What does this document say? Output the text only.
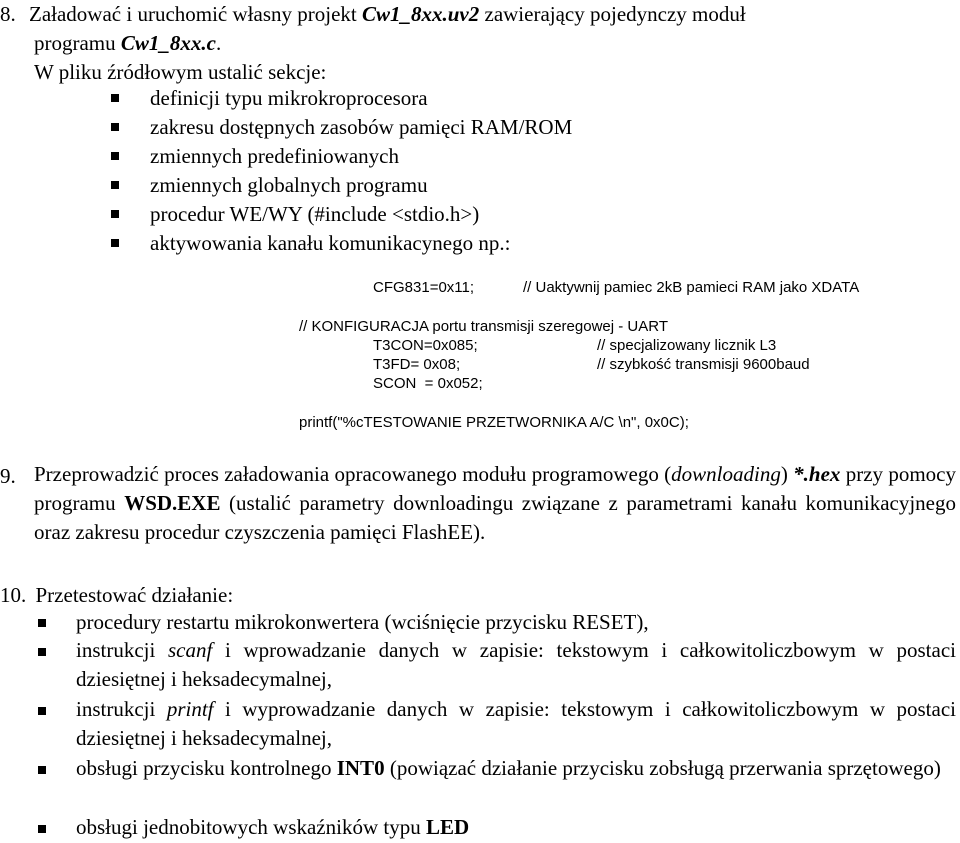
8. Załadować i uruchomić własny projekt Cw1_8xx.uv2 zawierający pojedynczy moduł
programu Cw1_8xx.c.
W pliku źródłowym ustalić sekcje:
definicji typu mikrokroprocesora
zakresu dostępnych zasobów pamięci RAM/ROM
zmiennych predefiniowanych
zmiennych globalnych programu
procedur WE/WY (#include <stdio.h>)
aktywowania kanału komunikacynego np.:
CFG831=0x11;	// Uaktywnij pamiec 2kB pamieci RAM jako XDATA
// KONFIGURACJA portu transmisji szeregowej - UART
T3CON=0x085;	// specjalizowany licznik L3
T3FD= 0x08;	// szybkość transmisji 9600baud
SCON  = 0x052;
printf("%cTESTOWANIE PRZETWORNIKA A/C \n", 0x0C);
9. Przeprowadzić proces załadowania opracowanego modułu programowego (downloading) *.hex przy pomocy programu WSD.EXE (ustalić parametry downloadingu związane z parametrami kanału komunikacyjnego oraz zakresu procedur czyszczenia pamięci FlashEE).
10. Przetestować działanie:
procedury restartu mikrokonwertera (wciśnięcie przycisku RESET),
instrukcji scanf i wprowadzanie danych w zapisie: tekstowym i całkowitoliczbowym w postaci dziesiętnej i heksadecymalnej,
instrukcji printf i wyprowadzanie danych w zapisie: tekstowym i całkowitoliczbowym w postaci dziesiętnej i heksadecymalnej,
obsługi przycisku kontrolnego INT0 (powiązać działanie przycisku zobsługą przerwania sprzętowego)
obsługi jednobitowych wskaźników typu LED
